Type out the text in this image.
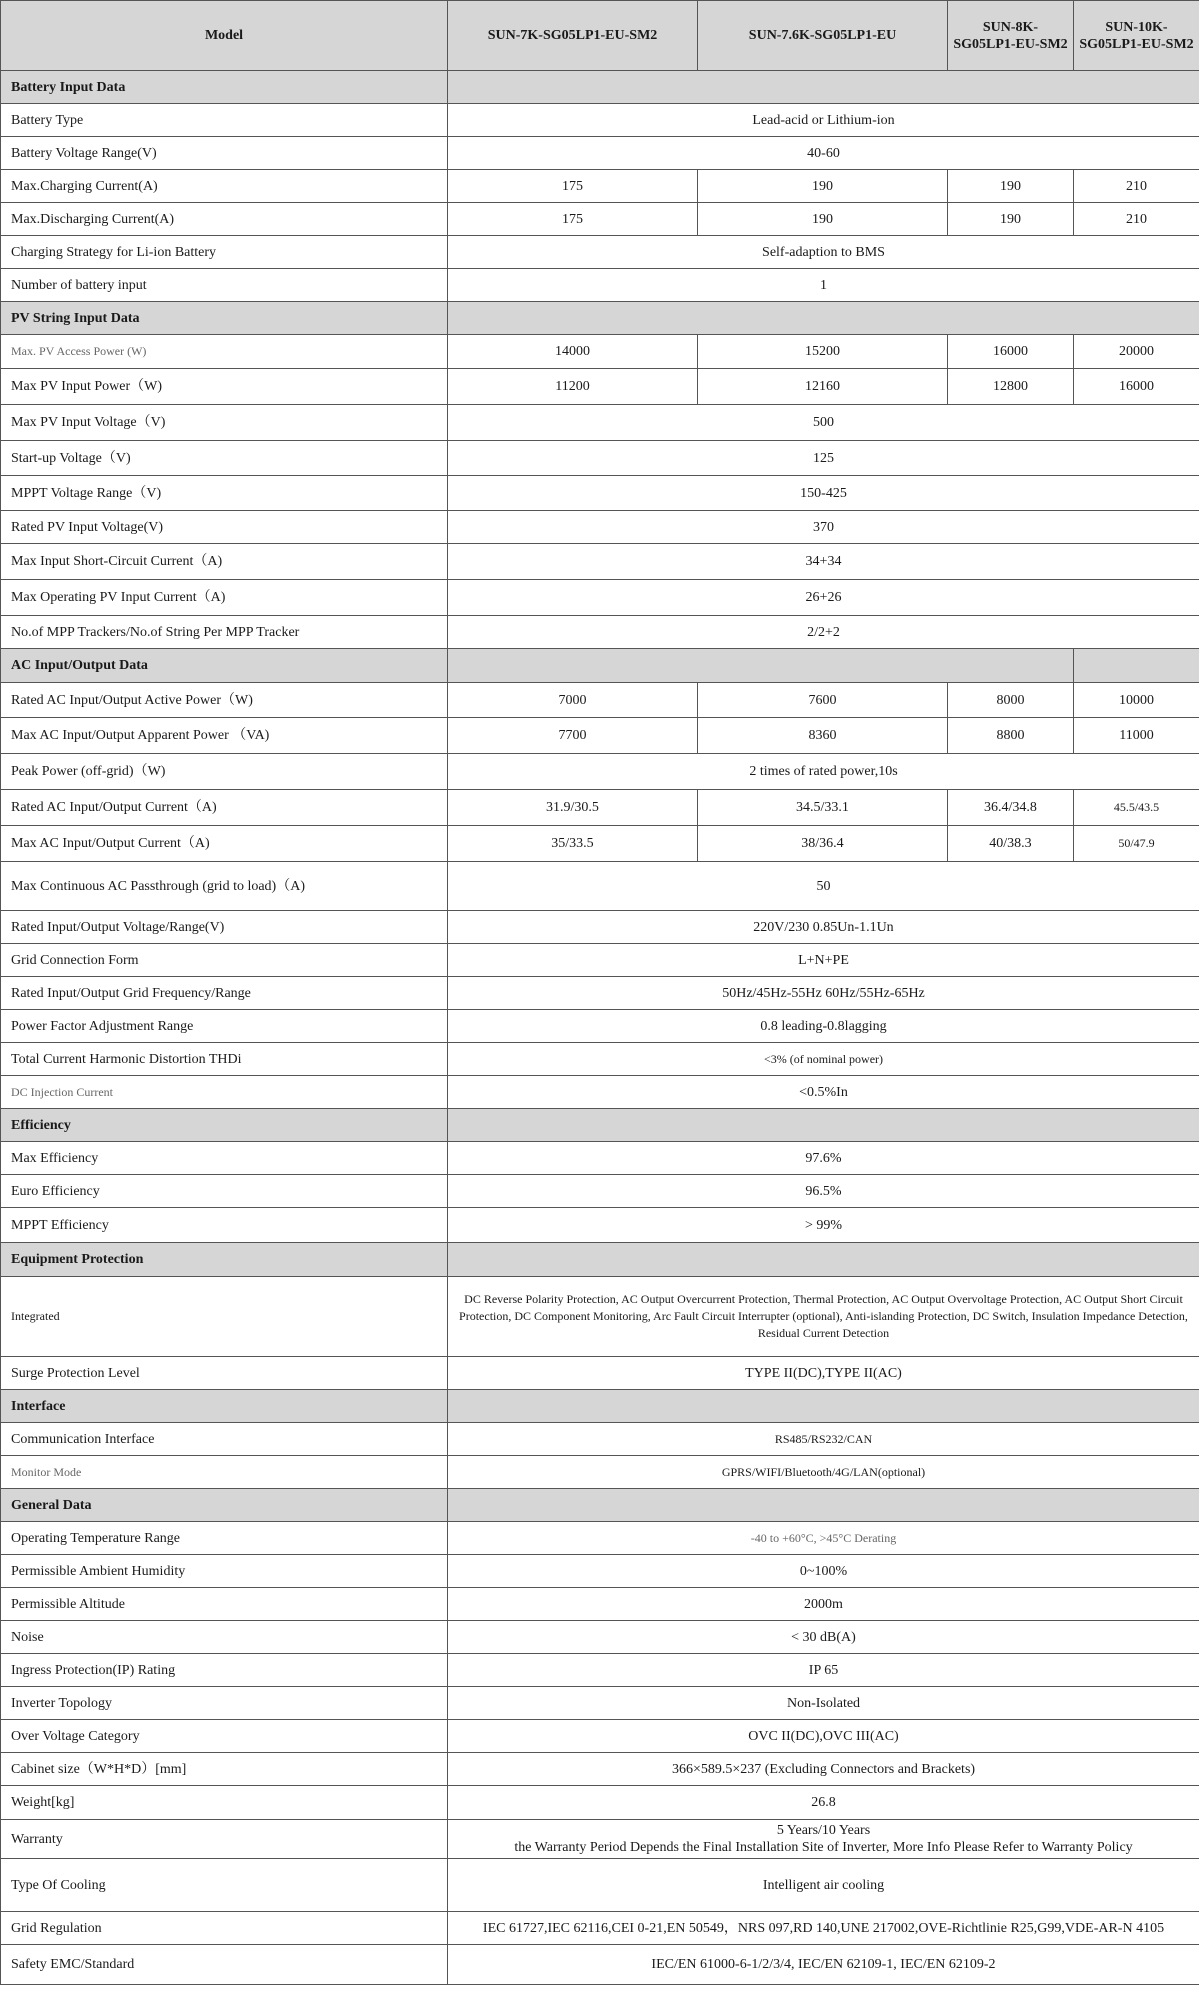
Model	SUN-7K-SG05LP1-EU-SM2	SUN-7.6K-SG05LP1-EU	SUN-8K-SG05LP1-EU-SM2	SUN-10K-SG05LP1-EU-SM2
Battery Input Data				
Battery Type	Lead-acid or Lithium-ion			
Battery Voltage Range(V)	40-60			
Max.Charging Current(A)	175	190	190	210
Max.Discharging Current(A)	175	190	190	210
Charging Strategy for Li-ion Battery	Self-adaption to BMS			
Number of battery input	1			
PV String Input Data				
Max. PV Access Power (W)	14000	15200	16000	20000
Max PV Input Power（W)	11200	12160	12800	16000
Max PV Input Voltage（V)	500			
Start-up Voltage（V)	125			
MPPT Voltage Range（V)	150-425			
Rated PV Input Voltage(V)	370			
Max Input Short-Circuit Current（A)	34+34			
Max Operating PV Input Current（A)	26+26			
No.of MPP Trackers/No.of String Per MPP Tracker	2/2+2			
AC Input/Output Data				
Rated AC Input/Output Active Power（W)	7000	7600	8000	10000
Max AC Input/Output Apparent Power （VA)	7700	8360	8800	11000
Peak Power (off-grid)（W)	2 times of rated power,10s			
Rated AC Input/Output Current（A)	31.9/30.5	34.5/33.1	36.4/34.8	45.5/43.5
Max AC Input/Output Current（A)	35/33.5	38/36.4	40/38.3	50/47.9
Max Continuous AC Passthrough (grid to load)（A)	50			
Rated Input/Output Voltage/Range(V)	220V/230 0.85Un-1.1Un			
Grid Connection Form	L+N+PE			
Rated Input/Output Grid Frequency/Range	50Hz/45Hz-55Hz 60Hz/55Hz-65Hz			
Power Factor Adjustment Range	0.8 leading-0.8lagging			
Total Current Harmonic Distortion THDi	<3% (of nominal power)			
DC Injection Current	<0.5%In			
Efficiency				
Max Efficiency	97.6%			
Euro Efficiency	96.5%			
MPPT Efficiency	> 99%			
Equipment Protection				
Integrated	DC Reverse Polarity Protection, AC Output Overcurrent Protection, Thermal Protection, AC Output Overvoltage Protection, AC Output Short Circuit Protection, DC Component Monitoring, Arc Fault Circuit Interrupter (optional), Anti-islanding Protection, DC Switch, Insulation Impedance Detection, Residual Current Detection			
Surge Protection Level	TYPE II(DC),TYPE II(AC)			
Interface				
Communication Interface	RS485/RS232/CAN			
Monitor Mode	GPRS/WIFI/Bluetooth/4G/LAN(optional)			
General Data				
Operating Temperature Range	-40 to +60°C, >45°C Derating			
Permissible Ambient Humidity	0~100%			
Permissible Altitude	2000m			
Noise	< 30 dB(A)			
Ingress Protection(IP) Rating	IP 65			
Inverter Topology	Non-Isolated			
Over Voltage Category	OVC II(DC),OVC III(AC)			
Cabinet size（W*H*D）[mm]	366×589.5×237 (Excluding Connectors and Brackets)			
Weight[kg]	26.8			
Warranty	5 Years/10 Years
the Warranty Period Depends the Final Installation Site of Inverter, More Info Please Refer to Warranty Policy			
Type Of Cooling	Intelligent air cooling			
Grid Regulation	IEC 61727,IEC 62116,CEI 0-21,EN 50549，NRS 097,RD 140,UNE 217002,OVE-Richtlinie R25,G99,VDE-AR-N 4105			
Safety EMC/Standard	IEC/EN 61000-6-1/2/3/4, IEC/EN 62109-1, IEC/EN 62109-2			
